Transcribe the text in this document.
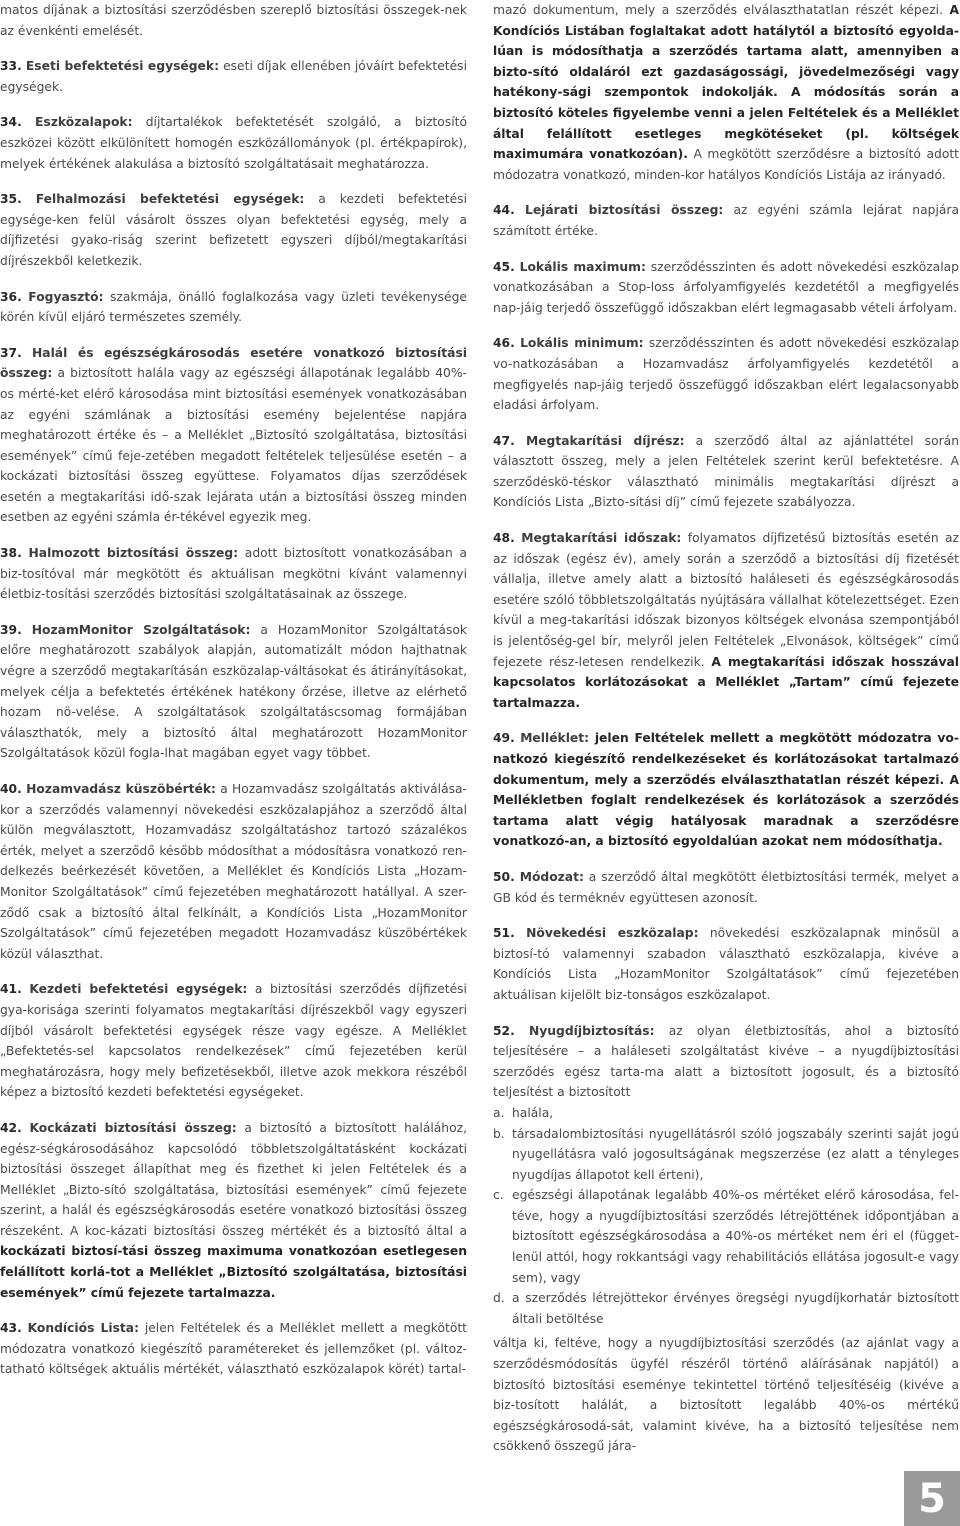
matos díjának a biztosítási szerződésben szereplő biztosítási összegek-nek az évenkénti emelését.

33. Eseti befektetési egységek: eseti díjak ellenében jóváírt befektetési egységek.

34. Eszközalapok: díjtartalékok befektetését szolgáló, a biztosító eszközei között elkülönített homogén eszközállományok (pl. értékpapírok), melyek értékének alakulása a biztosító szolgáltatásait meghatározza.

35. Felhalmozási befektetési egységek: a kezdeti befektetési egysége-ken felül vásárolt összes olyan befektetési egység, mely a díjfizetési gyako-riság szerint befizetett egyszeri díjból/megtakarítási díjrészekből keletkezik.

36. Fogyasztó: szakmája, önálló foglalkozása vagy üzleti tevékenysége körén kívül eljáró természetes személy.

37. Halál és egészségkárosodás esetére vonatkozó biztosítási összeg: a biztosított halála vagy az egészségi állapotának legalább 40%-os mérté-ket elérő károsodása mint biztosítási események vonatkozásában az egyéni számlának a biztosítási esemény bejelentése napjára meghatározott értéke és – a Melléklet „Biztosító szolgáltatása, biztosítási események” című feje-zetében megadott feltételek teljesülése esetén – a kockázati biztosítási összeg együttese. Folyamatos díjas szerződések esetén a megtakarítási idő-szak lejárata után a biztosítási összeg minden esetben az egyéni számla ér-tékével egyezik meg.

38. Halmozott biztosítási összeg: adott biztosított vonatkozásában a biz-tosítóval már megkötött és aktuálisan megkötni kívánt valamennyi életbiz-tosítási szerződés biztosítási szolgáltatásainak az összege.

39. HozamMonitor Szolgáltatások: a HozamMonitor Szolgáltatások előre meghatározott szabályok alapján, automatizált módon hajthatnak végre a szerződő megtakarításán eszközalap-váltásokat és átirányításokat, melyek célja a befektetés értékének hatékony őrzése, illetve az elérhető hozam nö-velése. A szolgáltatások szolgáltatáscsomag formájában választhatók, mely a biztosító által meghatározott HozamMonitor Szolgáltatások közül fogla-lhat magában egyet vagy többet.

40. Hozamvadász küszöbérték: a Hozamvadász szolgáltatás aktiválása-kor a szerződés valamennyi növekedési eszközalapjához a szerződő által külön megválasztott, Hozamvadász szolgáltatáshoz tartozó százalékos érték, melyet a szerződő később módosíthat a módosításra vonatkozó ren-delkezés beérkezését követően, a Melléklet és Kondíciós Lista „Hozam-Monitor Szolgáltatások” című fejezetében meghatározott hatállyal. A szer-ződő csak a biztosító által felkínált, a Kondíciós Lista „HozamMonitor Szolgáltatások” című fejezetében megadott Hozamvadász küszöbértékek közül választhat.

41. Kezdeti befektetési egységek: a biztosítási szerződés díjfizetési gya-korisága szerinti folyamatos megtakarítási díjrészekből vagy egyszeri díjból vásárolt befektetési egységek része vagy egésze. A Melléklet „Befektetés-sel kapcsolatos rendelkezések” című fejezetében kerül meghatározásra, hogy mely befizetésekből, illetve azok mekkora részéből képez a biztosító kezdeti befektetési egységeket.

42. Kockázati biztosítási összeg: a biztosító a biztosított halálához, egész-ségkárosodásához kapcsolódó többletszolgáltatásként kockázati biztosítási összeget állapíthat meg és fizethet ki jelen Feltételek és a Melléklet „Bizto-sító szolgáltatása, biztosítási események” című fejezete szerint, a halál és egészségkárosodás esetére vonatkozó biztosítási összeg részeként. A koc-kázati biztosítási összeg mértékét és a biztosító által a kockázati biztosí-tási összeg maximuma vonatkozóan esetlegesen felállított korlá-tot a Melléklet „Biztosító szolgáltatása, biztosítási események” című fejezete tartalmazza.

43. Kondíciós Lista: jelen Feltételek és a Melléklet mellett a megkötött módozatra vonatkozó kiegészítő paramétereket és jellemzőket (pl. változ-tatható költségek aktuális mértékét, választható eszközalapok körét) tartal-

mazó dokumentum, mely a szerződés elválaszthatatlan részét képezi. A Kondíciós Listában foglaltakat adott hatálytól a biztosító egyolda-lúan is módosíthatja a szerződés tartama alatt, amennyiben a bizto-sító oldaláról ezt gazdaságossági, jövedelmezőségi vagy hatékony-sági szempontok indokolják. A módosítás során a biztosító köteles figyelembe venni a jelen Feltételek és a Melléklet által felállított esetleges megkötéseket (pl. költségek maximumára vonatkozóan). A megkötött szerződésre a biztosító adott módozatra vonatkozó, minden-kor hatályos Kondíciós Listája az irányadó.

44. Lejárati biztosítási összeg: az egyéni számla lejárat napjára számított értéke.

45. Lokális maximum: szerződésszinten és adott növekedési eszközalap vonatkozásában a Stop-loss árfolyamfigyelés kezdetétől a megfigyelés nap-jáig terjedő összefüggő időszakban elért legmagasabb vételi árfolyam.

46. Lokális minimum: szerződésszinten és adott növekedési eszközalap vo-natkozásában a Hozamvadász árfolyamfigyelés kezdetétől a megfigyelés nap-jáig terjedő összefüggő időszakban elért legalacsonyabb eladási árfolyam.

47. Megtakarítási díjrész: a szerződő által az ajánlattétel során választott összeg, mely a jelen Feltételek szerint kerül befektetésre. A szerződéskö-téskor választható minimális megtakarítási díjrészt a Kondíciós Lista „Bizto-sítási díj” című fejezete szabályozza.

48. Megtakarítási időszak: folyamatos díjfizetésű biztosítás esetén az az időszak (egész év), amely során a szerződő a biztosítási díj fizetését vállalja, illetve amely alatt a biztosító haláleseti és egészségkárosodás esetére szóló többletszolgáltatás nyújtására vállalhat kötelezettséget. Ezen kívül a meg-takarítási időszak bizonyos költségek elvonása szempontjából is jelentőség-gel bír, melyről jelen Feltételek „Elvonások, költségek” című fejezete rész-letesen rendelkezik. A megtakarítási időszak hosszával kapcsolatos korlátozásokat a Melléklet „Tartam” című fejezete tartalmazza.

49. Melléklet: jelen Feltételek mellett a megkötött módozatra vo-natkozó kiegészítő rendelkezéseket és korlátozásokat tartalmazó dokumentum, mely a szerződés elválaszthatatlan részét képezi. A Mellékletben foglalt rendelkezések és korlátozások a szerződés tartama alatt végig hatályosak maradnak a szerződésre vonatkozó-an, a biztosító egyoldalúan azokat nem módosíthatja.

50. Módozat: a szerződő által megkötött életbiztosítási termék, melyet a GB kód és terméknév együttesen azonosít.

51. Növekedési eszközalap: növekedési eszközalapnak minősül a biztosí-tó valamennyi szabadon választható eszközalapja, kivéve a Kondíciós Lista „HozamMonitor Szolgáltatások” című fejezetében aktuálisan kijelölt biz-tonságos eszközalapot.

52. Nyugdíjbiztosítás: az olyan életbiztosítás, ahol a biztosító teljesítésére – a haláleseti szolgáltatást kivéve – a nyugdíjbiztosítási szerződés egész tarta-ma alatt a biztosított jogosult, és a biztosító teljesítést a biztosított

a. halála,
b. társadalombiztosítási nyugellátásról szóló jogszabály szerinti saját jogú nyugellátásra való jogosultságának megszerzése (ez alatt a tényleges nyugdíjas állapotot kell érteni),
c. egészségi állapotának legalább 40%-os mértéket elérő károsodása, fel-téve, hogy a nyugdíjbiztosítási szerződés létrejöttének időpontjában a biztosított egészségkárosodása a 40%-os mértéket nem éri el (függet-lenül attól, hogy rokkantsági vagy rehabilitációs ellátása jogosult-e vagy sem), vagy
d. a szerződés létrejöttekor érvényes öregségi nyugdíjkorhatár biztosított általi betöltése

váltja ki, feltéve, hogy a nyugdíjbiztosítási szerződés (az ajánlat vagy a szerződésmódosítás ügyfél részéről történő aláírásának napjától) a biztosító biztosítási eseménye tekintettel történő teljesítéséig (kivéve a biz-tosított halálát, a biztosított legalább 40%-os mértékű egészségkárosodá-sát, valamint kivéve, ha a biztosító teljesítése nem csökkenő összegű jára-

5
